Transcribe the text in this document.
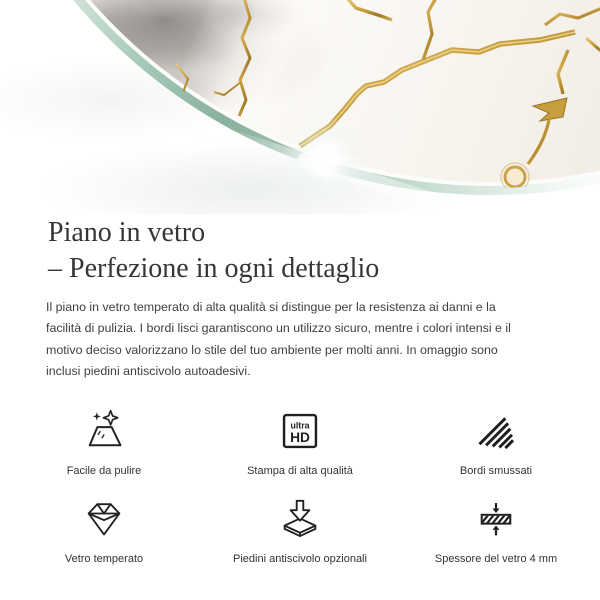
Piano in vetro
– Perfezione in ogni dettaglio

Il piano in vetro temperato di alta qualità si distingue per la resistenza ai danni e la facilità di pulizia. I bordi lisci garantiscono un utilizzo sicuro, mentre i colori intensi e il motivo deciso valorizzano lo stile del tuo ambiente per molti anni. In omaggio sono inclusi piedini antiscivolo autoadesivi.

Facile da pulire
ultra
HD
Stampa di alta qualità	Bordi smussati
Vetro temperato	Piedini antiscivolo opzionali	Spessore del vetro 4 mm
